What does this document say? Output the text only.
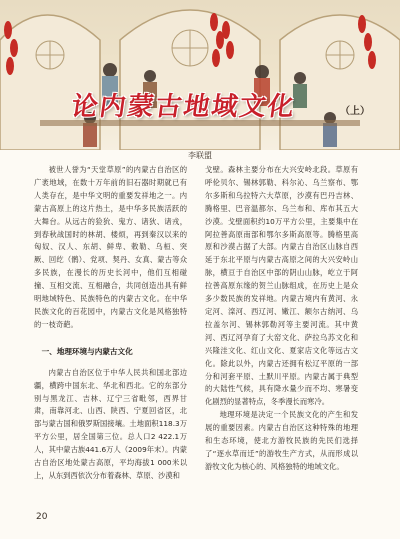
论内蒙古地域文化	（上）
李联盟

被世人誉为“天堂草原”的内蒙古自治区的广袤地域，在数十万年前的旧石器时期就已有人类存在，是中华文明的重要发祥地之一。内蒙古高原上的这片热土，是中华多民族活跃的大舞台。从远古的猃狁、鬼方、诸狄、诸戎，到春秋战国时的林胡、楼烦，再到秦汉以来的匈奴、汉人、东胡、鲜卑、敕勒、乌桓、突厥、回纥（鹘）、党项、契丹、女真、蒙古等众多民族，在漫长的历史长河中，他们互相碰撞、互相交流、互相融合，共同创造出具有鲜明地域特色、民族特色的内蒙古文化。在中华民族文化的百花园中，内蒙古文化是风格独特的一枝奇葩。

一、地理环境与内蒙古文化

内蒙古自治区位于中华人民共和国北部边疆，横跨中国东北、华北和西北。它的东部分别与黑龙江、吉林、辽宁三省毗邻，西界甘肃，南靠河北、山西、陕西、宁夏回省区，北部与蒙古国和俄罗斯国接壤。土地面积118.3万平方公里，居全国第三位。总人口2 422.1万人，其中蒙古族441.6万人（2009年末）。内蒙古自治区地处蒙古高原，平均海拔1 000米以上，从东到西依次分布着森林、草原、沙漠和

戈壁。森林主要分布在大兴安岭北段。草原有呼伦贝尔、锡林郭勒、科尔沁、乌兰察布、鄂尔多斯和乌拉特六大草原，沙漠有巴丹吉林、腾格里、巴音温都尔、乌兰布和、库布其五大沙漠。戈壁面积约10万平方公里，主要集中在阿拉善高原南部和鄂尔多斯高原等。腾格里高原和沙漠占据了大部。内蒙古自治区山脉自西延于东北平原与内蒙古高原之间的大兴安岭山脉，横亘于自治区中部的阴山山脉，屹立于阿拉善高原东缘的贺兰山脉组成，在历史上是众多少数民族的发祥地。内蒙古境内有黄河、永定河、滦河、西辽河、嫩江、额尔古纳河、乌拉盖尔河、锡林郭勒河等主要河流。其中黄河、西辽河孕育了大窑文化、萨拉乌苏文化和兴隆洼文化、红山文化、夏家店文化等远古文化。除此以外，内蒙古还拥有松辽平原的一部分和河套平原、土默川平原。内蒙古属于典型的大陆性气候，具有降水量少而不均、寒暑变化剧烈的显著特点，冬季漫长而寒冷。

地理环境是决定一个民族文化的产生和发展的重要因素。内蒙古自治区这种特殊的地理和生态环境，使北方游牧民族的先民们选择了“逐水草而迁”的游牧生产方式，从而形成以游牧文化为核心的、风格独特的地域文化。

20
